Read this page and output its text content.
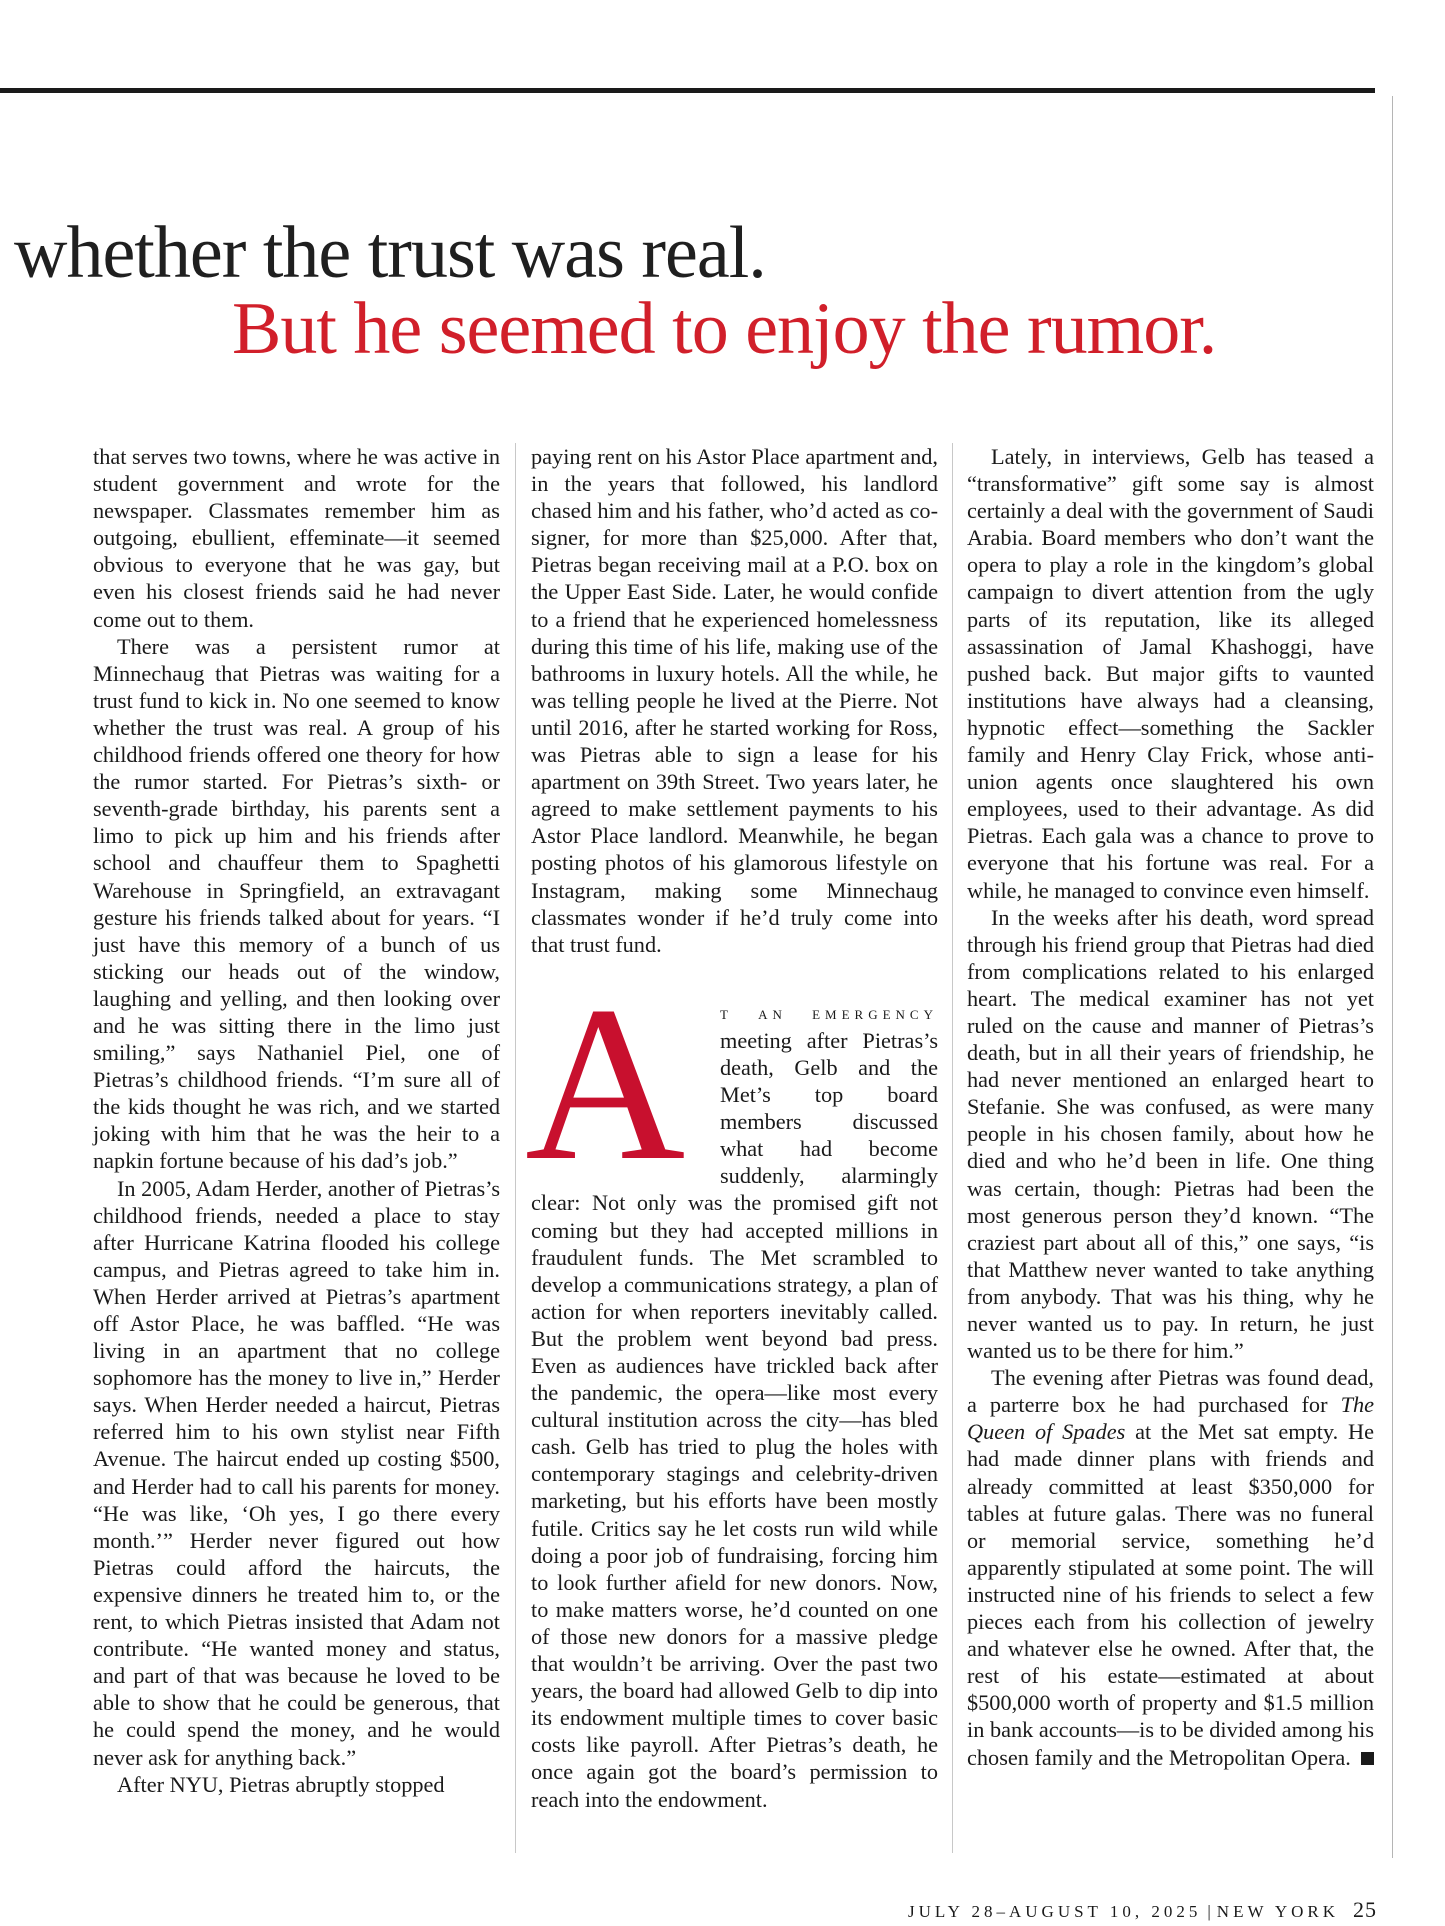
whether the trust was real.
But he seemed to enjoy the rumor.

that serves two towns, where he was active in student government and wrote for the newspaper. Classmates remember him as outgoing, ebullient, effeminate—it seemed obvious to everyone that he was gay, but even his closest friends said he had never come out to them.

There was a persistent rumor at Minnechaug that Pietras was waiting for a trust fund to kick in. No one seemed to know whether the trust was real. A group of his childhood friends offered one theory for how the rumor started. For Pietras’s sixth- or seventh-grade birthday, his parents sent a limo to pick up him and his friends after school and chauffeur them to Spaghetti Warehouse in Springfield, an extravagant gesture his friends talked about for years. “I just have this memory of a bunch of us sticking our heads out of the window, laughing and yelling, and then looking over and he was sitting there in the limo just smiling,” says Nathaniel Piel, one of Pietras’s childhood friends. “I’m sure all of the kids thought he was rich, and we started joking with him that he was the heir to a napkin fortune because of his dad’s job.”

In 2005, Adam Herder, another of Pietras’s childhood friends, needed a place to stay after Hurricane Katrina flooded his college campus, and Pietras agreed to take him in. When Herder arrived at Pietras’s apartment off Astor Place, he was baffled. “He was living in an apartment that no college sophomore has the money to live in,” Herder says. When Herder needed a haircut, Pietras referred him to his own stylist near Fifth Avenue. The haircut ended up costing $500, and Herder had to call his parents for money. “He was like, ‘Oh yes, I go there every month.’” Herder never figured out how Pietras could afford the haircuts, the expensive dinners he treated him to, or the rent, to which Pietras insisted that Adam not contribute. “He wanted money and status, and part of that was because he loved to be able to show that he could be generous, that he could spend the money, and he would never ask for anything back.”

After NYU, Pietras abruptly stopped

paying rent on his Astor Place apartment and, in the years that followed, his landlord chased him and his father, who’d acted as co-signer, for more than $25,000. After that, Pietras began receiving mail at a P.O. box on the Upper East Side. Later, he would confide to a friend that he experienced homelessness during this time of his life, making use of the bathrooms in luxury hotels. All the while, he was telling people he lived at the Pierre. Not until 2016, after he started working for Ross, was Pietras able to sign a lease for his apartment on 39th Street. Two years later, he agreed to make settlement payments to his Astor Place landlord. Meanwhile, he began posting photos of his glamorous lifestyle on Instagram, making some Minnechaug classmates wonder if he’d truly come into that trust fund.

A	t an emergency meeting after Pietras’s death, Gelb and the Met’s top board members discussed what had become suddenly, alarmingly clear: Not only was the promised gift not coming but they had accepted millions in fraudulent funds. The Met scrambled to develop a communications strategy, a plan of action for when reporters inevitably called. But the problem went beyond bad press. Even as audiences have trickled back after the pandemic, the opera—like most every cultural institution across the city—has bled cash. Gelb has tried to plug the holes with contemporary stagings and celebrity-driven marketing, but his efforts have been mostly futile. Critics say he let costs run wild while doing a poor job of fundraising, forcing him to look further afield for new donors. Now, to make matters worse, he’d counted on one of those new donors for a massive pledge that wouldn’t be arriving. Over the past two years, the board had allowed Gelb to dip into its endowment multiple times to cover basic costs like payroll. After Pietras’s death, he once again got the board’s permission to reach into the endowment.

Lately, in interviews, Gelb has teased a “transformative” gift some say is almost certainly a deal with the government of Saudi Arabia. Board members who don’t want the opera to play a role in the kingdom’s global campaign to divert attention from the ugly parts of its reputation, like its alleged assassination of Jamal Khashoggi, have pushed back. But major gifts to vaunted institutions have always had a cleansing, hypnotic effect—something the Sackler family and Henry Clay Frick, whose anti-union agents once slaughtered his own employees, used to their advantage. As did Pietras. Each gala was a chance to prove to everyone that his fortune was real. For a while, he managed to convince even himself.

In the weeks after his death, word spread through his friend group that Pietras had died from complications related to his enlarged heart. The medical examiner has not yet ruled on the cause and manner of Pietras’s death, but in all their years of friendship, he had never mentioned an enlarged heart to Stefanie. She was confused, as were many people in his chosen family, about how he died and who he’d been in life. One thing was certain, though: Pietras had been the most generous person they’d known. “The craziest part about all of this,” one says, “is that Matthew never wanted to take anything from anybody. That was his thing, why he never wanted us to pay. In return, he just wanted us to be there for him.”

The evening after Pietras was found dead, a parterre box he had purchased for The Queen of Spades at the Met sat empty. He had made dinner plans with friends and already committed at least $350,000 for tables at future galas. There was no funeral or memorial service, something he’d apparently stipulated at some point. The will instructed nine of his friends to select a few pieces each from his collection of jewelry and whatever else he owned. After that, the rest of his estate—estimated at about $500,000 worth of property and $1.5 million in bank accounts—is to be divided among his chosen family and the Metropolitan Opera.

JULY 28–AUGUST 10, 2025 | NEW YORK 25
